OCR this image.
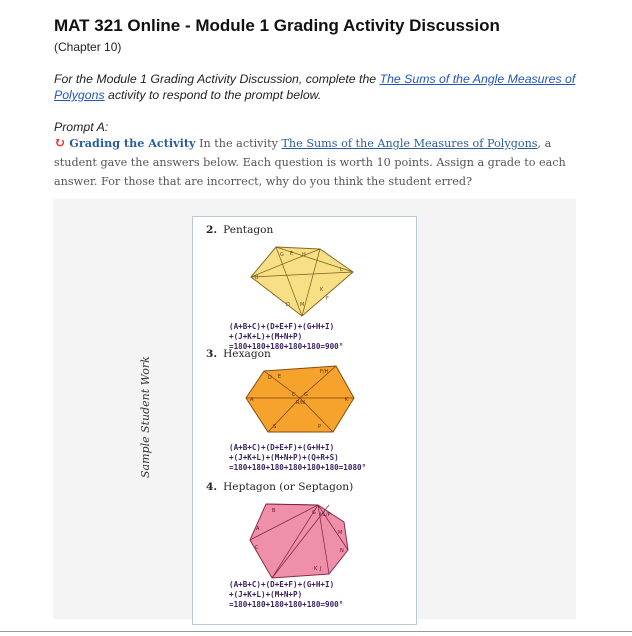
MAT 321 Online - Module 1 Grading Activity Discussion
(Chapter 10)
For the Module 1 Grading Activity Discussion, complete the The Sums of the Angle Measures of Polygons activity to respond to the prompt below.
Prompt A:
↻ Grading the Activity In the activity The Sums of the Angle Measures of Polygons, a student gave the answers below. Each question is worth 10 points. Assign a grade to each answer. For those that are incorrect, why do you think the student erred?
Sample Student Work
2. Pentagon
G E H
B
L
K
D M
F
(A+B+C)+(D+E+F)+(G+H+I)
+(J+K+L)+(M+N+P)
=180+180+180+180+180=900°
3. Hexagon
D E
F/H
A	K
C G
R/N
S	P
(A+B+C)+(D+E+F)+(G+H+I)
+(J+K+L)+(M+N+P)+(Q+R+S)
=180+180+180+180+180+180=1080°
4. Heptagon (or Septagon)
B	G I/L/P
A
M
C	N
K J
(A+B+C)+(D+E+F)+(G+H+I)
+(J+K+L)+(M+N+P)
=180+180+180+180+180=900°
